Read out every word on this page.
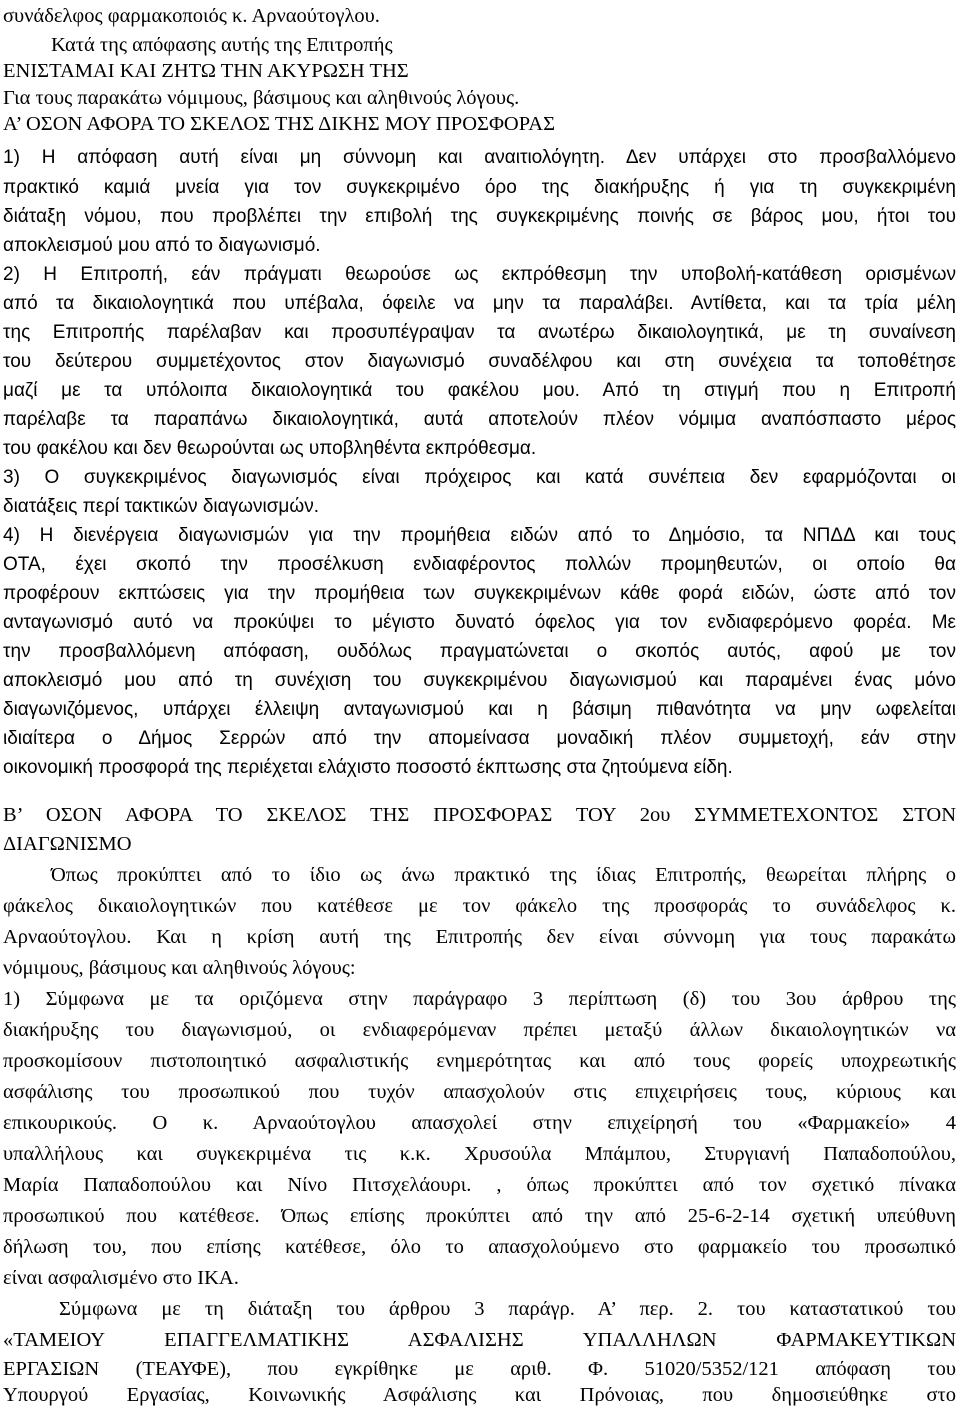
συνάδελφος φαρμακοποιός κ. Αρναούτογλου.
Κατά της απόφασης αυτής της Επιτροπής
ΕΝΙΣΤΑΜΑΙ ΚΑΙ ΖΗΤΩ ΤΗΝ ΑΚΥΡΩΣΗ ΤΗΣ
Για τους παρακάτω νόμιμους, βάσιμους και αληθινούς λόγους.
Α’ ΟΣΟΝ ΑΦΟΡΑ ΤΟ ΣΚΕΛΟΣ ΤΗΣ ΔΙΚΗΣ ΜΟΥ ΠΡΟΣΦΟΡΑΣ
1) Η απόφαση αυτή είναι μη σύννομη και αναιτιολόγητη. Δεν υπάρχει στο προσβαλλόμενο
πρακτικό καμιά μνεία για τον συγκεκριμένο όρο της διακήρυξης ή για τη συγκεκριμένη
διάταξη νόμου, που προβλέπει την επιβολή της συγκεκριμένης ποινής σε βάρος μου, ήτοι του
αποκλεισμού μου από το διαγωνισμό.
2) Η Επιτροπή, εάν πράγματι θεωρούσε ως εκπρόθεσμη την υποβολή-κατάθεση ορισμένων
από τα δικαιολογητικά που υπέβαλα, όφειλε να μην τα παραλάβει. Αντίθετα, και τα τρία μέλη
της Επιτροπής παρέλαβαν και προσυπέγραψαν τα ανωτέρω δικαιολογητικά, με τη συναίνεση
του δεύτερου συμμετέχοντος στον διαγωνισμό συναδέλφου και στη συνέχεια τα τοποθέτησε
μαζί με τα υπόλοιπα δικαιολογητικά του φακέλου μου. Από τη στιγμή που η Επιτροπή
παρέλαβε τα παραπάνω δικαιολογητικά, αυτά αποτελούν πλέον νόμιμα αναπόσπαστο μέρος
του φακέλου και δεν θεωρούνται ως υποβληθέντα εκπρόθεσμα.
3) Ο συγκεκριμένος διαγωνισμός είναι πρόχειρος και κατά συνέπεια δεν εφαρμόζονται οι
διατάξεις περί τακτικών διαγωνισμών.
4) Η διενέργεια διαγωνισμών για την προμήθεια ειδών από το Δημόσιο, τα ΝΠΔΔ και τους
ΟΤΑ, έχει σκοπό την προσέλκυση ενδιαφέροντος πολλών προμηθευτών, οι οποίο θα
προφέρουν εκπτώσεις για την προμήθεια των συγκεκριμένων κάθε φορά ειδών, ώστε από τον
ανταγωνισμό αυτό να προκύψει το μέγιστο δυνατό όφελος για τον ενδιαφερόμενο φορέα. Με
την προσβαλλόμενη απόφαση, ουδόλως πραγματώνεται ο σκοπός αυτός, αφού με τον
αποκλεισμό μου από τη συνέχιση του συγκεκριμένου διαγωνισμού και παραμένει ένας μόνο
διαγωνιζόμενος, υπάρχει έλλειψη ανταγωνισμού και η βάσιμη πιθανότητα να μην ωφελείται
ιδιαίτερα ο Δήμος Σερρών από την απομείνασα μοναδική πλέον συμμετοχή, εάν στην
οικονομική προσφορά της περιέχεται ελάχιστο ποσοστό έκπτωσης στα ζητούμενα είδη.
Β’ ΟΣΟΝ ΑΦΟΡΑ ΤΟ ΣΚΕΛΟΣ ΤΗΣ ΠΡΟΣΦΟΡΑΣ ΤΟΥ 2ου ΣΥΜΜΕΤΕΧΟΝΤΟΣ ΣΤΟΝ
ΔΙΑΓΩΝΙΣΜΟ
Όπως προκύπτει από το ίδιο ως άνω πρακτικό της ίδιας Επιτροπής, θεωρείται πλήρης ο
φάκελος δικαιολογητικών που κατέθεσε με τον φάκελο της προσφοράς το συνάδελφος κ.
Αρναούτογλου. Και η κρίση αυτή της Επιτροπής δεν είναι σύννομη για τους παρακάτω
νόμιμους, βάσιμους και αληθινούς λόγους:
1) Σύμφωνα με τα οριζόμενα στην παράγραφο 3 περίπτωση (δ) του 3ου άρθρου της
διακήρυξης του διαγωνισμού, οι ενδιαφερόμεναν πρέπει μεταξύ άλλων δικαιολογητικών να
προσκομίσουν πιστοποιητικό ασφαλιστικής ενημερότητας και από τους φορείς υποχρεωτικής
ασφάλισης του προσωπικού που τυχόν απασχολούν στις επιχειρήσεις τους, κύριους και
επικουρικούς. Ο κ. Αρναούτογλου απασχολεί στην επιχείρησή του «Φαρμακείο» 4
υπαλλήλους και συγκεκριμένα τις κ.κ. Χρυσούλα Μπάμπου, Στυργιανή Παπαδοπούλου,
Μαρία Παπαδοπούλου και Νίνο Πιτσχελάουρι. , όπως προκύπτει από τον σχετικό πίνακα
προσωπικού που κατέθεσε. Όπως επίσης προκύπτει από την από 25-6-2-14 σχετική υπεύθυνη
δήλωση του, που επίσης κατέθεσε, όλο το απασχολούμενο στο φαρμακείο του προσωπικό
είναι ασφαλισμένο στο ΙΚΑ.
Σύμφωνα με τη διάταξη του άρθρου 3 παράγρ. Α’ περ. 2. του καταστατικού του
«ΤΑΜΕΙΟΥ ΕΠΑΓΓΕΛΜΑΤΙΚΗΣ ΑΣΦΑΛΙΣΗΣ ΥΠΑΛΛΗΛΩΝ ΦΑΡΜΑΚΕΥΤΙΚΩΝ
ΕΡΓΑΣΙΩΝ (ΤΕΑΥΦΕ), που εγκρίθηκε με αριθ. Φ. 51020/5352/121 απόφαση του
Υπουργού Εργασίας, Κοινωνικής Ασφάλισης και Πρόνοιας, που δημοσιεύθηκε στο
